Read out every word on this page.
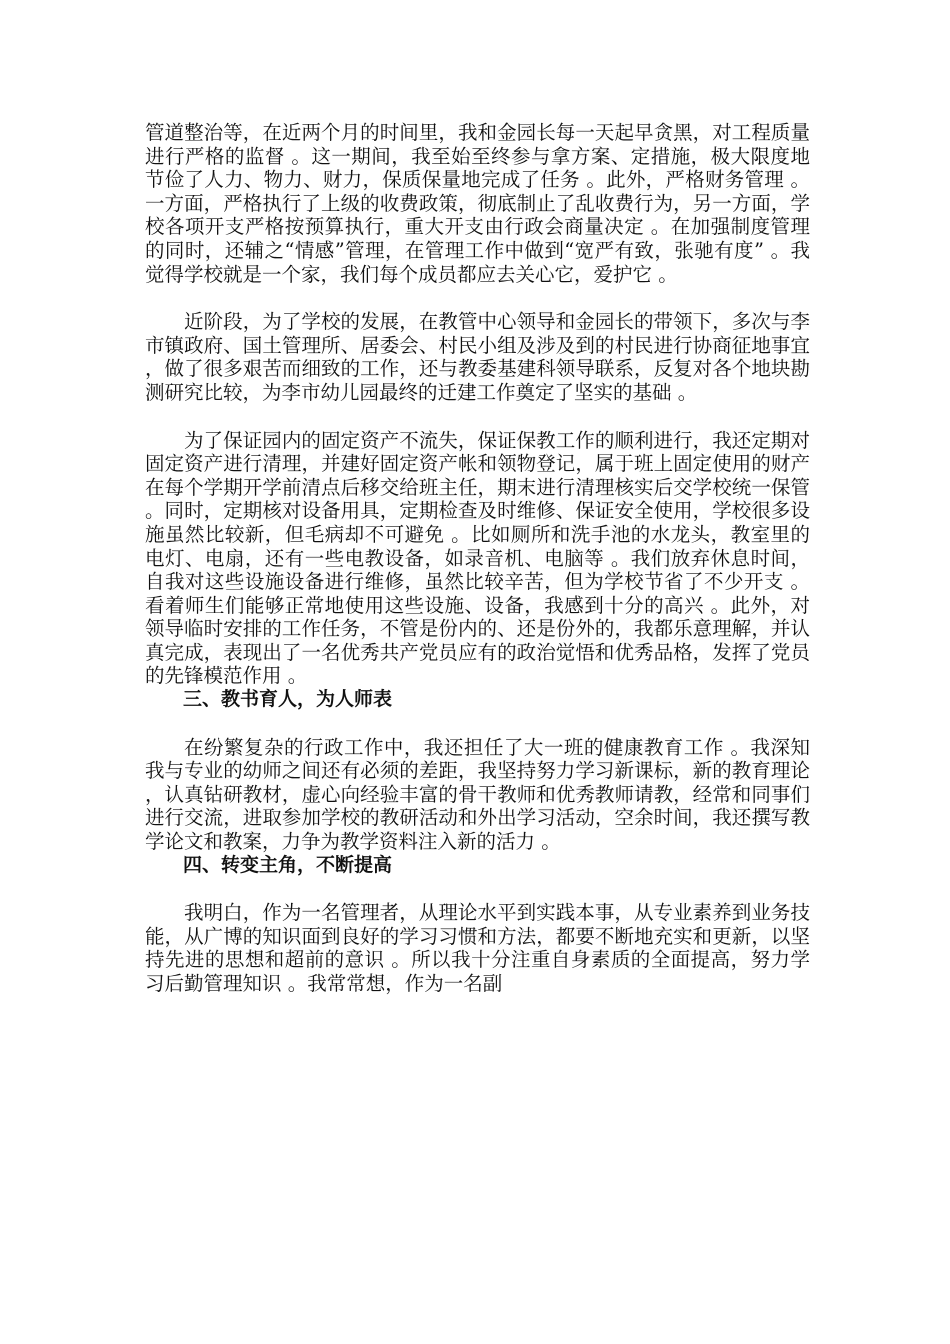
管道整治等，在近两个月的时间里，我和金园长每一天起早贪黑，对工程质量进行严格的监督 。这一期间，我至始至终参与拿方案、定措施，极大限度地节俭了人力、物力、财力，保质保量地完成了任务 。此外，严格财务管理 。一方面，严格执行了上级的收费政策，彻底制止了乱收费行为，另一方面，学校各项开支严格按预算执行，重大开支由行政会商量决定 。在加强制度管理的同时，还辅之“情感”管理，在管理工作中做到“宽严有致，张驰有度” 。我觉得学校就是一个家，我们每个成员都应去关心它，爱护它 。

近阶段，为了学校的发展，在教管中心领导和金园长的带领下，多次与李市镇政府、国土管理所、居委会、村民小组及涉及到的村民进行协商征地事宜，做了很多艰苦而细致的工作，还与教委基建科领导联系，反复对各个地块勘测研究比较，为李市幼儿园最终的迁建工作奠定了坚实的基础 。

为了保证园内的固定资产不流失，保证保教工作的顺利进行，我还定期对固定资产进行清理，并建好固定资产帐和领物登记，属于班上固定使用的财产在每个学期开学前清点后移交给班主任，期末进行清理核实后交学校统一保管 。同时，定期核对设备用具，定期检查及时维修、保证安全使用，学校很多设施虽然比较新，但毛病却不可避免 。比如厕所和洗手池的水龙头，教室里的电灯、电扇，还有一些电教设备，如录音机、电脑等 。我们放弃休息时间，自我对这些设施设备进行维修，虽然比较辛苦，但为学校节省了不少开支 。看着师生们能够正常地使用这些设施、设备，我感到十分的高兴 。此外，对领导临时安排的工作任务，不管是份内的、还是份外的，我都乐意理解，并认真完成，表现出了一名优秀共产党员应有的政治觉悟和优秀品格，发挥了党员的先锋模范作用 。

三、教书育人，为人师表

在纷繁复杂的行政工作中，我还担任了大一班的健康教育工作 。我深知我与专业的幼师之间还有必须的差距，我坚持努力学习新课标，新的教育理论，认真钻研教材，虚心向经验丰富的骨干教师和优秀教师请教，经常和同事们进行交流，进取参加学校的教研活动和外出学习活动，空余时间，我还撰写教学论文和教案，力争为教学资料注入新的活力 。

四、转变主角，不断提高

我明白，作为一名管理者，从理论水平到实践本事，从专业素养到业务技能，从广博的知识面到良好的学习习惯和方法，都要不断地充实和更新，以坚持先进的思想和超前的意识 。所以我十分注重自身素质的全面提高，努力学习后勤管理知识 。我常常想，作为一名副
